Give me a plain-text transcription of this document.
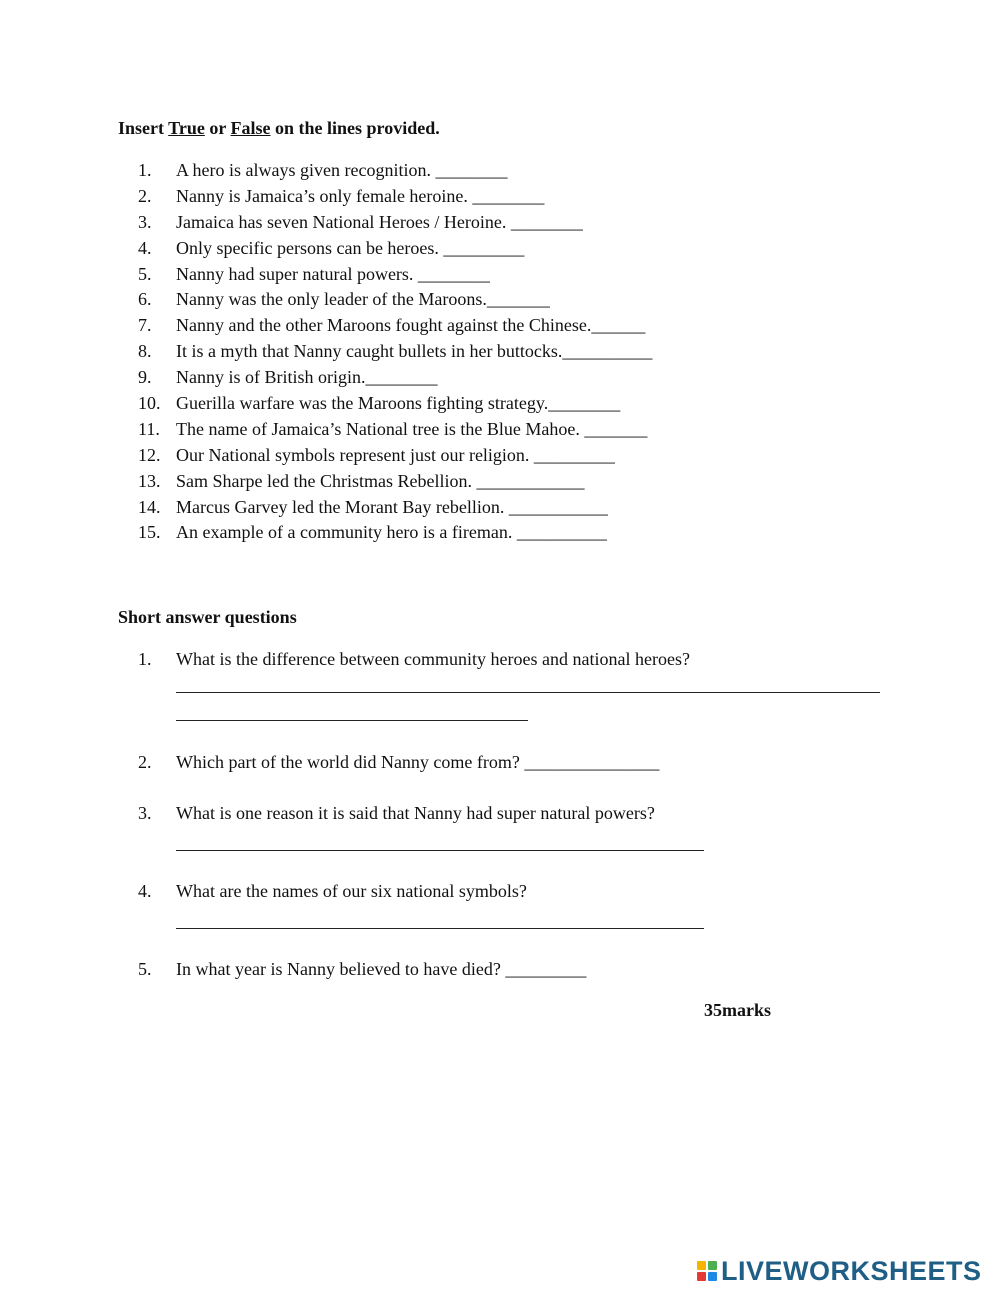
Insert True or False on the lines provided.
1. A hero is always given recognition. ________
2. Nanny is Jamaica’s only female heroine. ________
3. Jamaica has seven National Heroes / Heroine. ________
4. Only specific persons can be heroes. _________
5. Nanny had super natural powers. ________
6. Nanny was the only leader of the Maroons._______
7. Nanny and the other Maroons fought against the Chinese.______
8. It is a myth that Nanny caught bullets in her buttocks.__________
9. Nanny is of British origin.________
10. Guerilla warfare was the Maroons fighting strategy.________
11. The name of Jamaica’s National tree is the Blue Mahoe. _______
12. Our National symbols represent just our religion. _________
13. Sam Sharpe led the Christmas Rebellion. ____________
14. Marcus Garvey led the Morant Bay rebellion. ___________
15. An example of a community hero is a fireman. __________
Short answer questions
1. What is the difference between community heroes and national heroes?
2. Which part of the world did Nanny come from? _______________
3. What is one reason it is said that Nanny had super natural powers?
4. What are the names of our six national symbols?
5. In what year is Nanny believed to have died? _________
35marks
LIVEWORKSHEETS
